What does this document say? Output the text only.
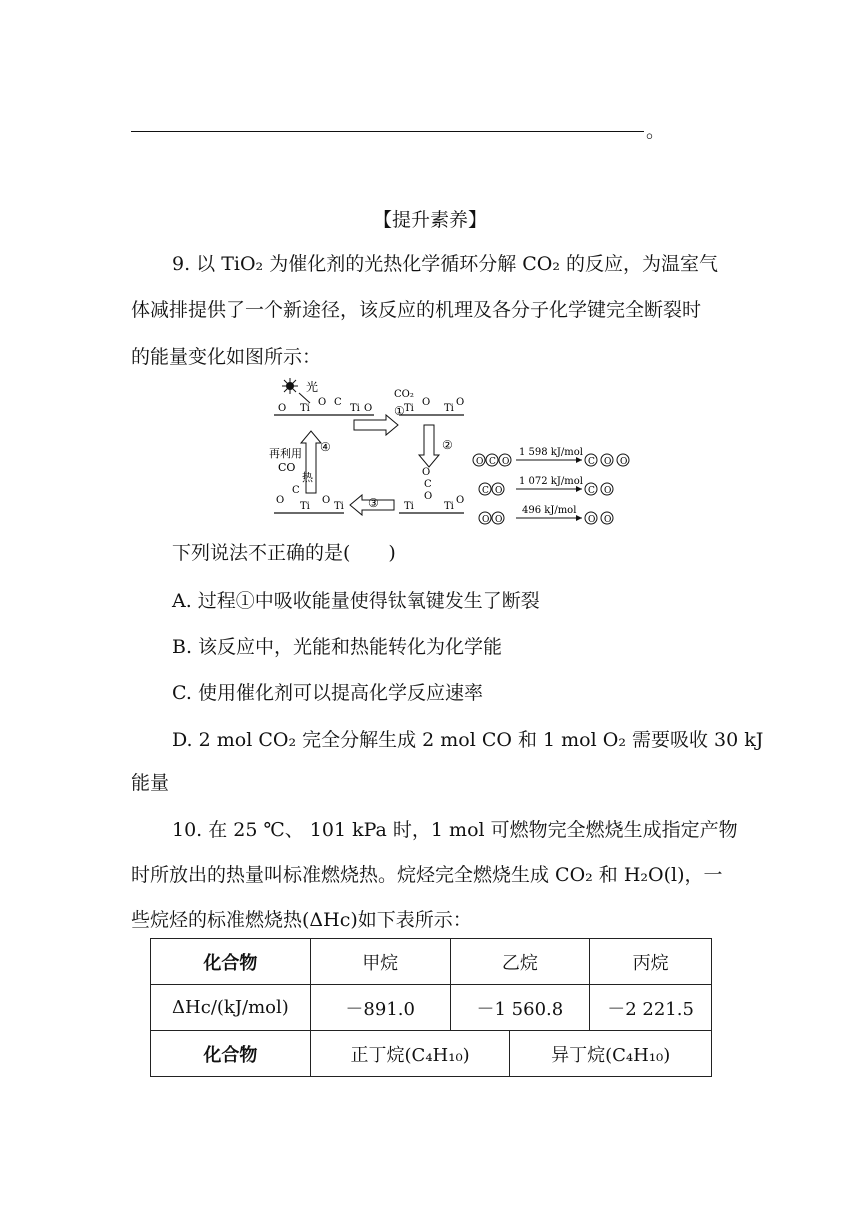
。
【提升素养】
9. 以 TiO₂ 为催化剂的光热化学循环分解 CO₂ 的反应，为温室气
体减排提供了一个新途径，该反应的机理及各分子化学键完全断裂时
的能量变化如图所示：
光
O Ti
O C
Ti O ①
CO₂
Ti
O
Ti
O
②
O
C
Ti
O
Ti
O
③
再利用
CO
热
O
C
Ti
O
Ti
④
O C O
1 598 kJ/mol
C O O
C O
1 072 kJ/mol
C O
O O
496 kJ/mol
O O
下列说法不正确的是(　　)
A. 过程①中吸收能量使得钛氧键发生了断裂
B. 该反应中，光能和热能转化为化学能
C. 使用催化剂可以提高化学反应速率
D. 2 mol CO₂ 完全分解生成 2 mol CO 和 1 mol O₂ 需要吸收 30 kJ
能量
10. 在 25 ℃、 101 kPa 时，1 mol 可燃物完全燃烧生成指定产物
时所放出的热量叫标准燃烧热。烷烃完全燃烧生成 CO₂ 和 H₂O(l)，一
些烷烃的标准燃烧热(ΔHc)如下表所示：
化合物	甲烷	乙烷		丙烷
ΔHc/(kJ/mol)	－891.0	－1 560.8		－2 221.5
化合物	正丁烷(C₄H₁₀)		异丁烷(C₄H₁₀)	
